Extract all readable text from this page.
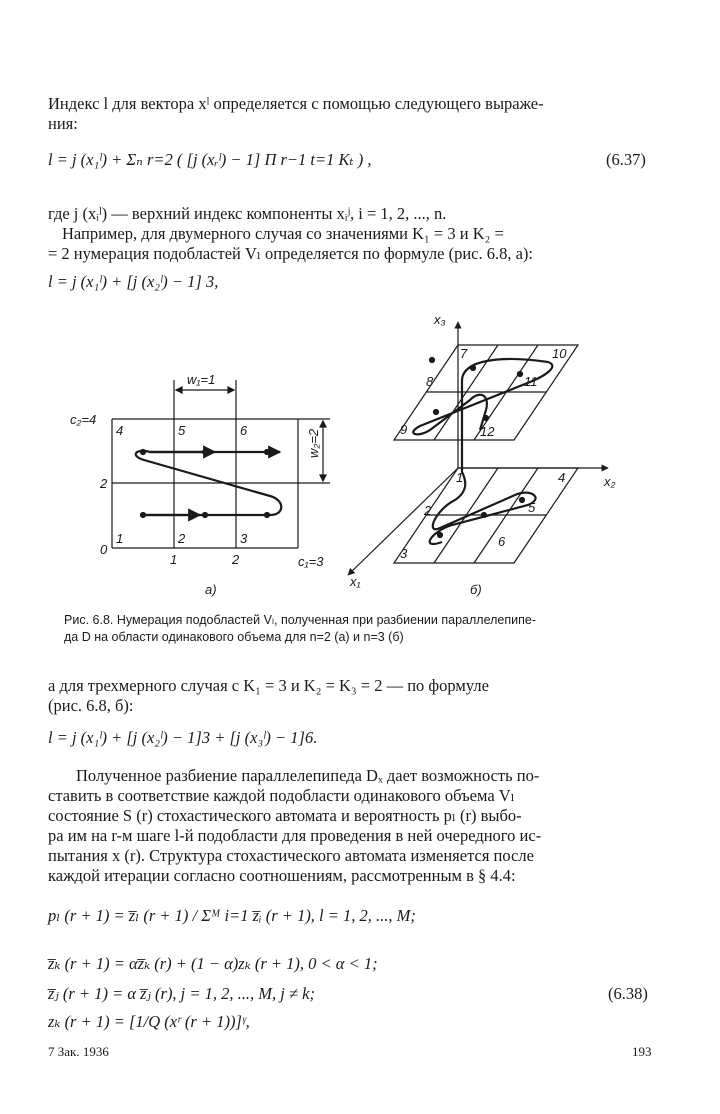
Индекс l для вектора xˡ определяется с помощью следующего выраже-
ния:
l = j (x₁ˡ) + Σₙ r=2 ( [j (xᵣˡ) − 1] Π r−1 t=1 Kₜ ) ,	(6.37)
где j (xᵢˡ) — верхний индекс компоненты xᵢʲ, i = 1, 2, ..., n.
Например, для двумерного случая со значениями K₁ = 3 и K₂ =
= 2 нумерация подобластей Vₗ определяется по формуле (рис. 6.8, a):
l = j (x₁ˡ) + [j (x₂ˡ) − 1] 3,
w₁=1
w₂=2
c₂=4
2
0
1	2	c₁=3
1	2	3
4	5	6
a)
x₃
x₂
x₁
7
8
9
10
11
12
1
2
3
4
5
6
б)
Рис. 6.8. Нумерация подобластей Vₗ, полученная при разбиении параллелепипе-
да D на области одинакового объема для n=2 (a) и n=3 (б)
а для трехмерного случая с K₁ = 3 и K₂ = K₃ = 2 — по формуле
(рис. 6.8, б):
l = j (x₁ˡ) + [j (x₂ˡ) − 1]3 + [j (x₃ˡ) − 1]6.
Полученное разбиение параллелепипеда Dₓ дает возможность по-
ставить в соответствие каждой подобласти одинакового объема Vₗ
состояние S (r) стохастического автомата и вероятность pₗ (r) выбо-
ра им на r-м шаге l-й подобласти для проведения в ней очередного ис-
пытания x (r). Структура стохастического автомата изменяется после
каждой итерации согласно соотношениям, рассмотренным в § 4.4:
pₗ (r + 1) = z̅ₗ (r + 1) / Σᴹ i=1 z̅ᵢ (r + 1), l = 1, 2, ..., M;
z̅ₖ (r + 1) = αz̅ₖ (r) + (1 − α)zₖ (r + 1), 0 < α < 1;
z̅ⱼ (r + 1) = α z̅ⱼ (r), j = 1, 2, ..., M, j ≠ k;	(6.38)
zₖ (r + 1) = [1/Q (xʳ (r + 1))]ᵞ,
7 Зак. 1936	193
